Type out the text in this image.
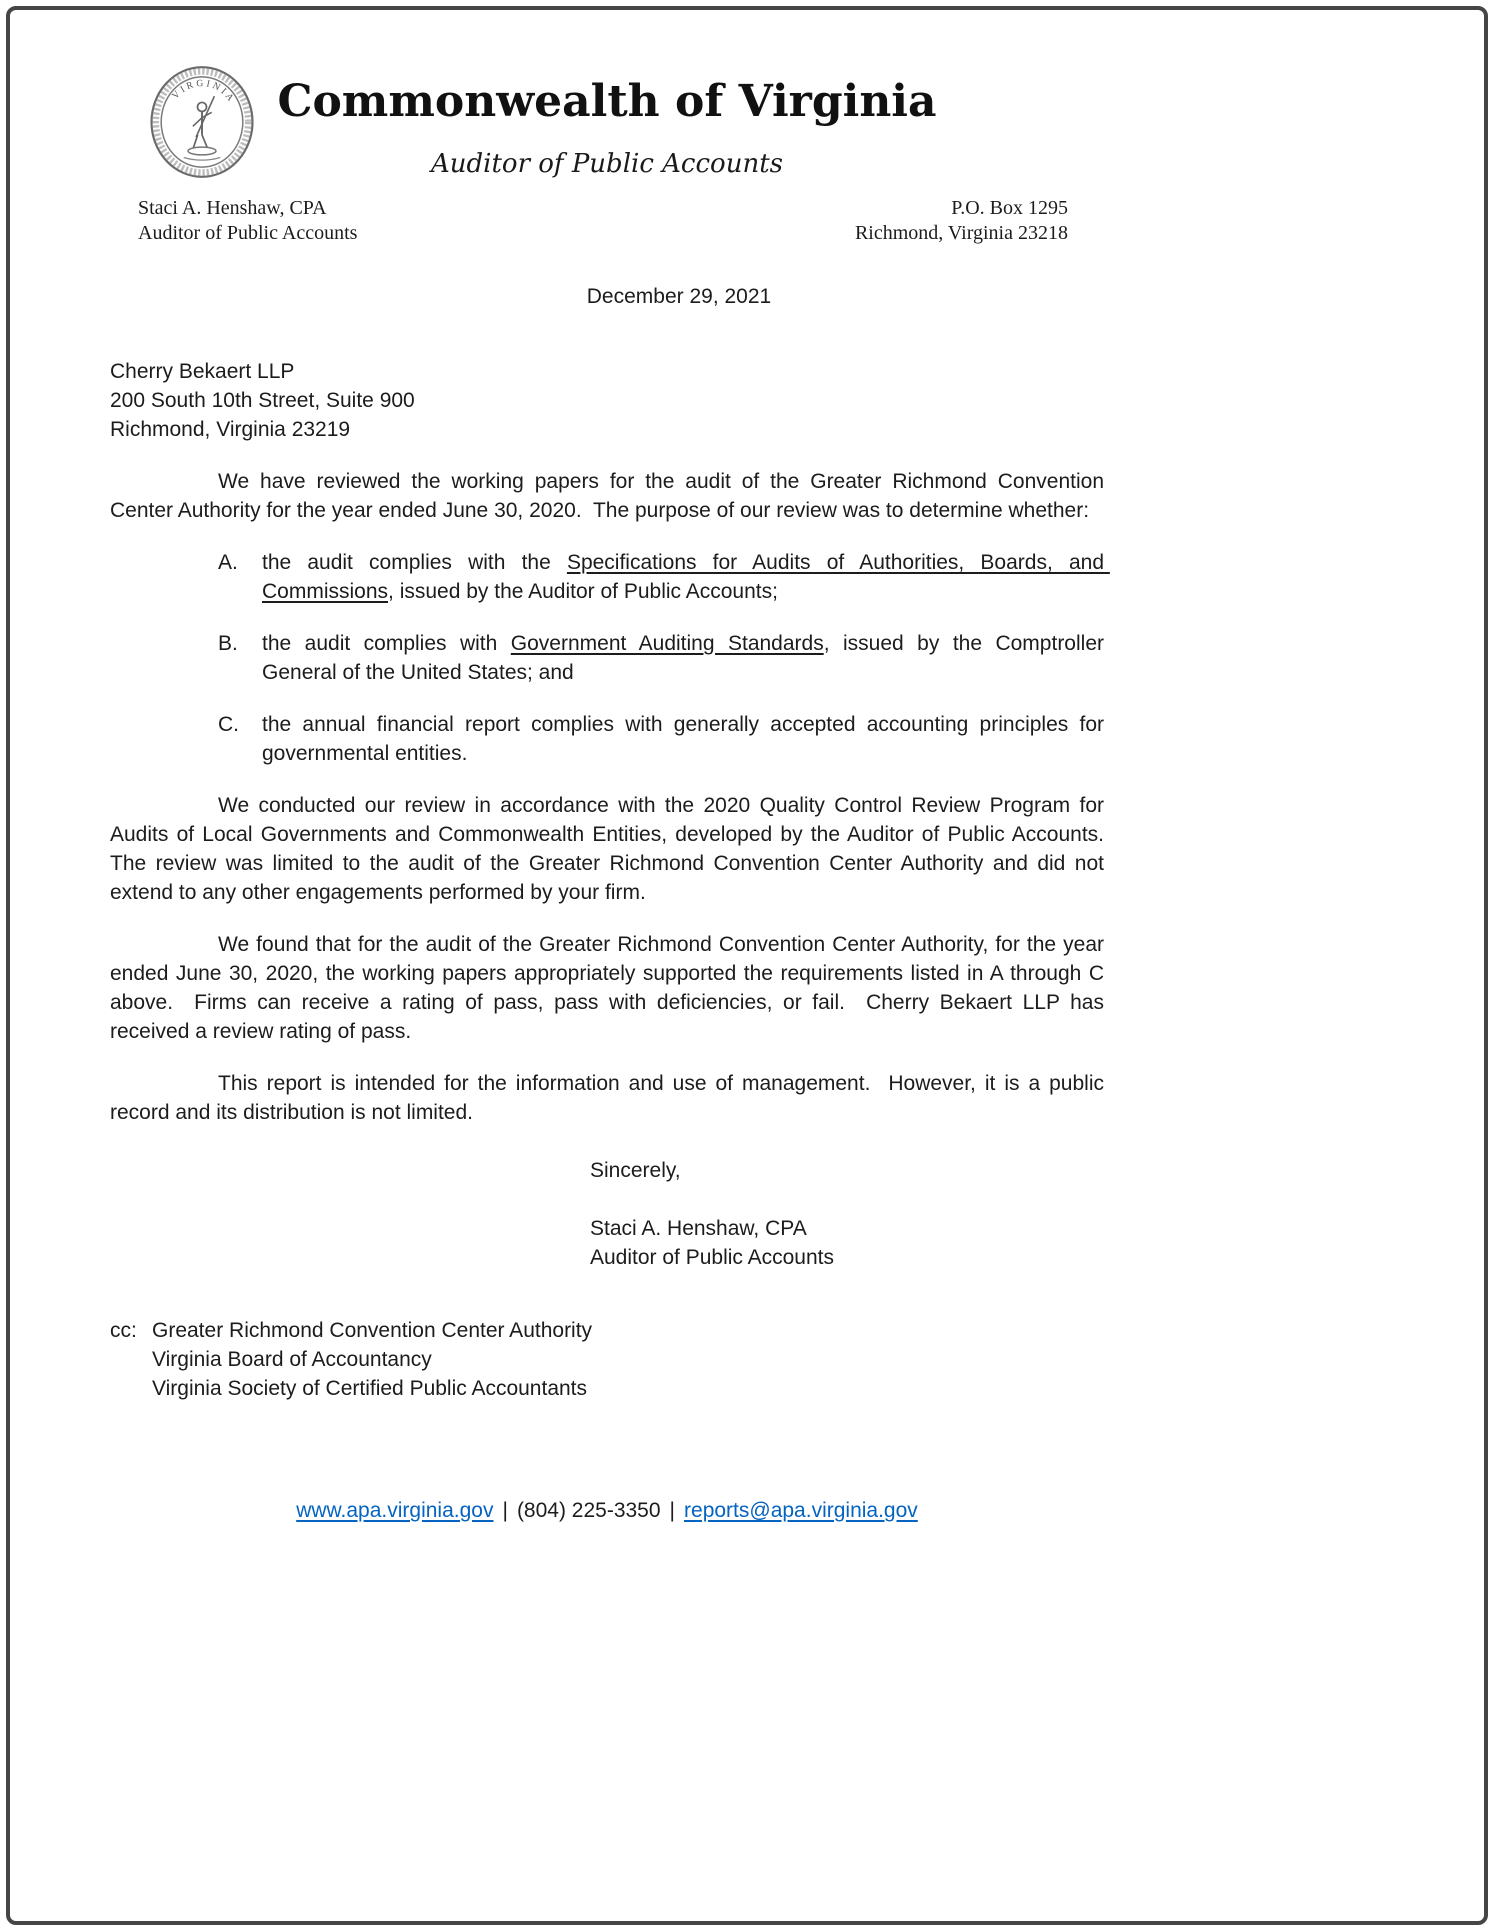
VIRGINIA Commonwealth of Virginia
Auditor of Public Accounts
Staci A. Henshaw, CPA
Auditor of Public Accounts
P.O. Box 1295
Richmond, Virginia 23218
December 29, 2021
Cherry Bekaert LLP
200 South 10th Street, Suite 900
Richmond, Virginia 23219
We have reviewed the working papers for the audit of the Greater Richmond Convention Center Authority for the year ended June 30, 2020.  The purpose of our review was to determine whether:
A. the audit complies with the Specifications for Audits of Authorities, Boards, and Commissions, issued by the Auditor of Public Accounts;
B. the audit complies with Government Auditing Standards, issued by the Comptroller General of the United States; and
C. the annual financial report complies with generally accepted accounting principles for governmental entities.
We conducted our review in accordance with the 2020 Quality Control Review Program for Audits of Local Governments and Commonwealth Entities, developed by the Auditor of Public Accounts.  The review was limited to the audit of the Greater Richmond Convention Center Authority and did not extend to any other engagements performed by your firm.
We found that for the audit of the Greater Richmond Convention Center Authority, for the year ended June 30, 2020, the working papers appropriately supported the requirements listed in A through C above.  Firms can receive a rating of pass, pass with deficiencies, or fail.  Cherry Bekaert LLP has received a review rating of pass.
This report is intended for the information and use of management.  However, it is a public record and its distribution is not limited.
Sincerely,
Staci A. Henshaw, CPA
Auditor of Public Accounts
cc: Greater Richmond Convention Center Authority
Virginia Board of Accountancy
Virginia Society of Certified Public Accountants
www.apa.virginia.gov | (804) 225-3350 | reports@apa.virginia.gov
